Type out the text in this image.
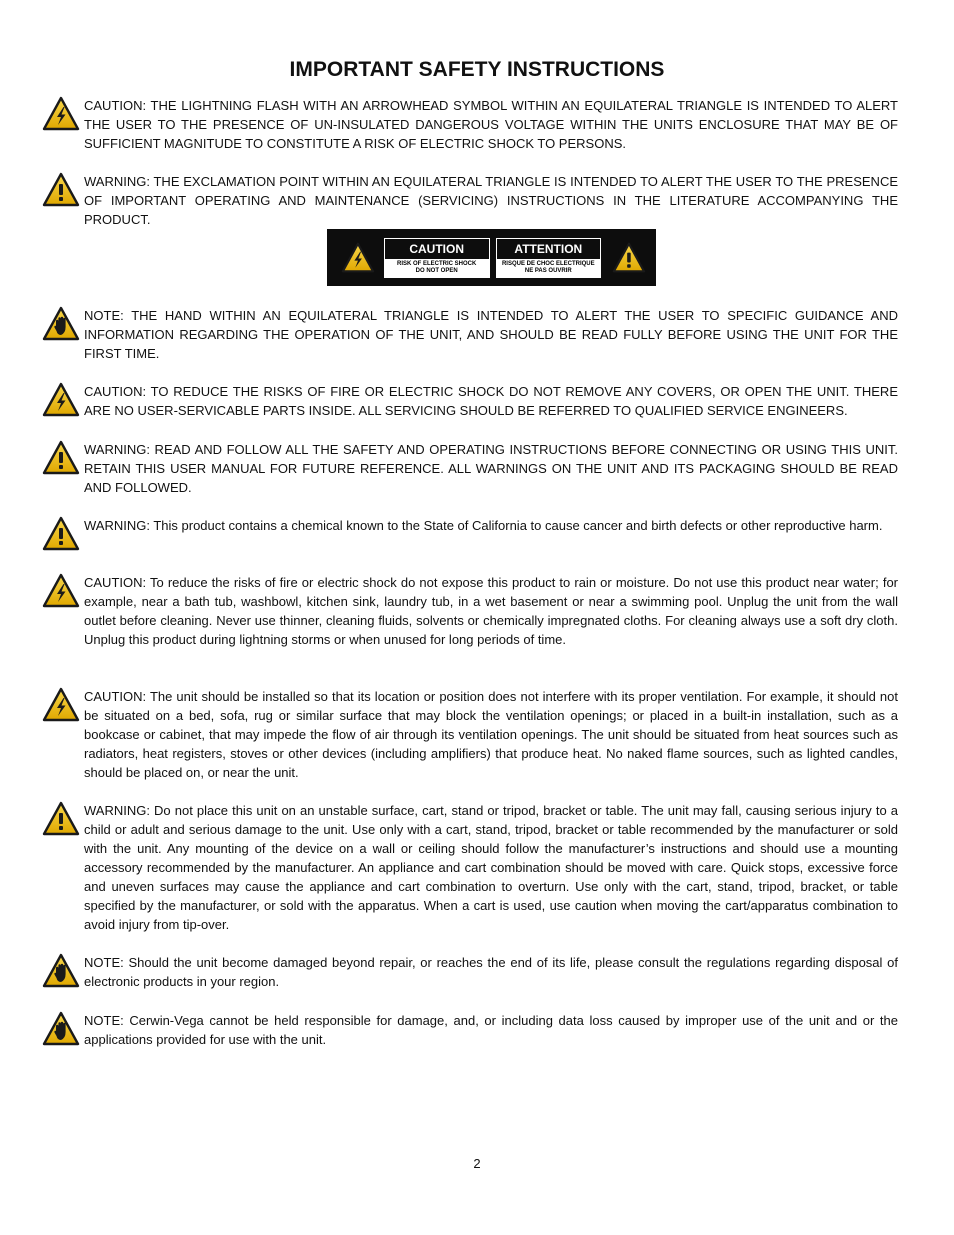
IMPORTANT SAFETY INSTRUCTIONS
CAUTION: THE LIGHTNING FLASH WITH AN ARROWHEAD SYMBOL WITHIN AN EQUILATERAL TRIANGLE IS INTENDED TO ALERT THE USER TO THE PRESENCE OF UN-INSULATED DANGEROUS VOLTAGE WITHIN THE UNITS ENCLOSURE THAT MAY BE OF SUFFICIENT MAGNITUDE TO CONSTITUTE A RISK OF ELECTRIC SHOCK TO PERSONS.
WARNING: THE EXCLAMATION POINT WITHIN AN EQUILATERAL TRIANGLE IS INTENDED TO ALERT THE USER TO THE PRESENCE OF IMPORTANT OPERATING AND MAINTENANCE (SERVICING) INSTRUCTIONS IN THE LITERATURE ACCOMPANYING THE PRODUCT.
CAUTION
RISK OF ELECTRIC SHOCK
DO NOT OPEN
ATTENTION
RISQUE DE CHOC ELECTRIQUE
NE PAS OUVRIR
NOTE: THE HAND WITHIN AN EQUILATERAL TRIANGLE IS INTENDED TO ALERT THE USER TO SPECIFIC GUIDANCE AND INFORMATION REGARDING THE OPERATION OF THE UNIT, AND SHOULD BE READ FULLY BEFORE USING THE UNIT FOR THE FIRST TIME.
CAUTION: TO REDUCE THE RISKS OF FIRE OR ELECTRIC SHOCK DO NOT REMOVE ANY COVERS, OR OPEN THE UNIT. THERE ARE NO USER-SERVICABLE PARTS INSIDE. ALL SERVICING SHOULD BE REFERRED TO QUALIFIED SERVICE ENGINEERS.
WARNING: READ AND FOLLOW ALL THE SAFETY AND OPERATING INSTRUCTIONS BEFORE CONNECTING OR USING THIS UNIT. RETAIN THIS USER MANUAL FOR FUTURE REFERENCE. ALL WARNINGS ON THE UNIT AND ITS PACKAGING SHOULD BE READ AND FOLLOWED.
WARNING: This product contains a chemical known to the State of California to cause cancer and birth defects or other reproductive harm.
CAUTION: To reduce the risks of fire or electric shock do not expose this product to rain or moisture. Do not use this product near water; for example, near a bath tub, washbowl, kitchen sink, laundry tub, in a wet basement or near a swimming pool. Unplug the unit from the wall outlet before cleaning. Never use thinner, cleaning fluids, solvents or chemically impregnated cloths. For cleaning always use a soft dry cloth. Unplug this product during lightning storms or when unused for long periods of time.
CAUTION: The unit should be installed so that its location or position does not interfere with its proper ventilation. For example, it should not be situated on a bed, sofa, rug or similar surface that may block the ventilation openings; or placed in a built-in installation, such as a bookcase or cabinet, that may impede the flow of air through its ventilation openings. The unit should be situated from heat sources such as radiators, heat registers, stoves or other devices (including amplifiers) that produce heat. No naked flame sources, such as lighted candles, should be placed on, or near the unit.
WARNING: Do not place this unit on an unstable surface, cart, stand or tripod, bracket or table. The unit may fall, causing serious injury to a child or adult and serious damage to the unit. Use only with a cart, stand, tripod, bracket or table recommended by the manufacturer or sold with the unit. Any mounting of the device on a wall or ceiling should follow the manufacturer’s instructions and should use a mounting accessory recommended by the manufacturer. An appliance and cart combination should be moved with care. Quick stops, excessive force and uneven surfaces may cause the appliance and cart combination to overturn. Use only with the cart, stand, tripod, bracket, or table specified by the manufacturer, or sold with the apparatus. When a cart is used, use caution when moving the cart/apparatus combination to avoid injury from tip-over.
NOTE: Should the unit become damaged beyond repair, or reaches the end of its life, please consult the regulations regarding disposal of electronic products in your region.
NOTE: Cerwin-Vega cannot be held responsible for damage, and, or including data loss caused by improper use of the unit and or the applications provided for use with the unit.
2
